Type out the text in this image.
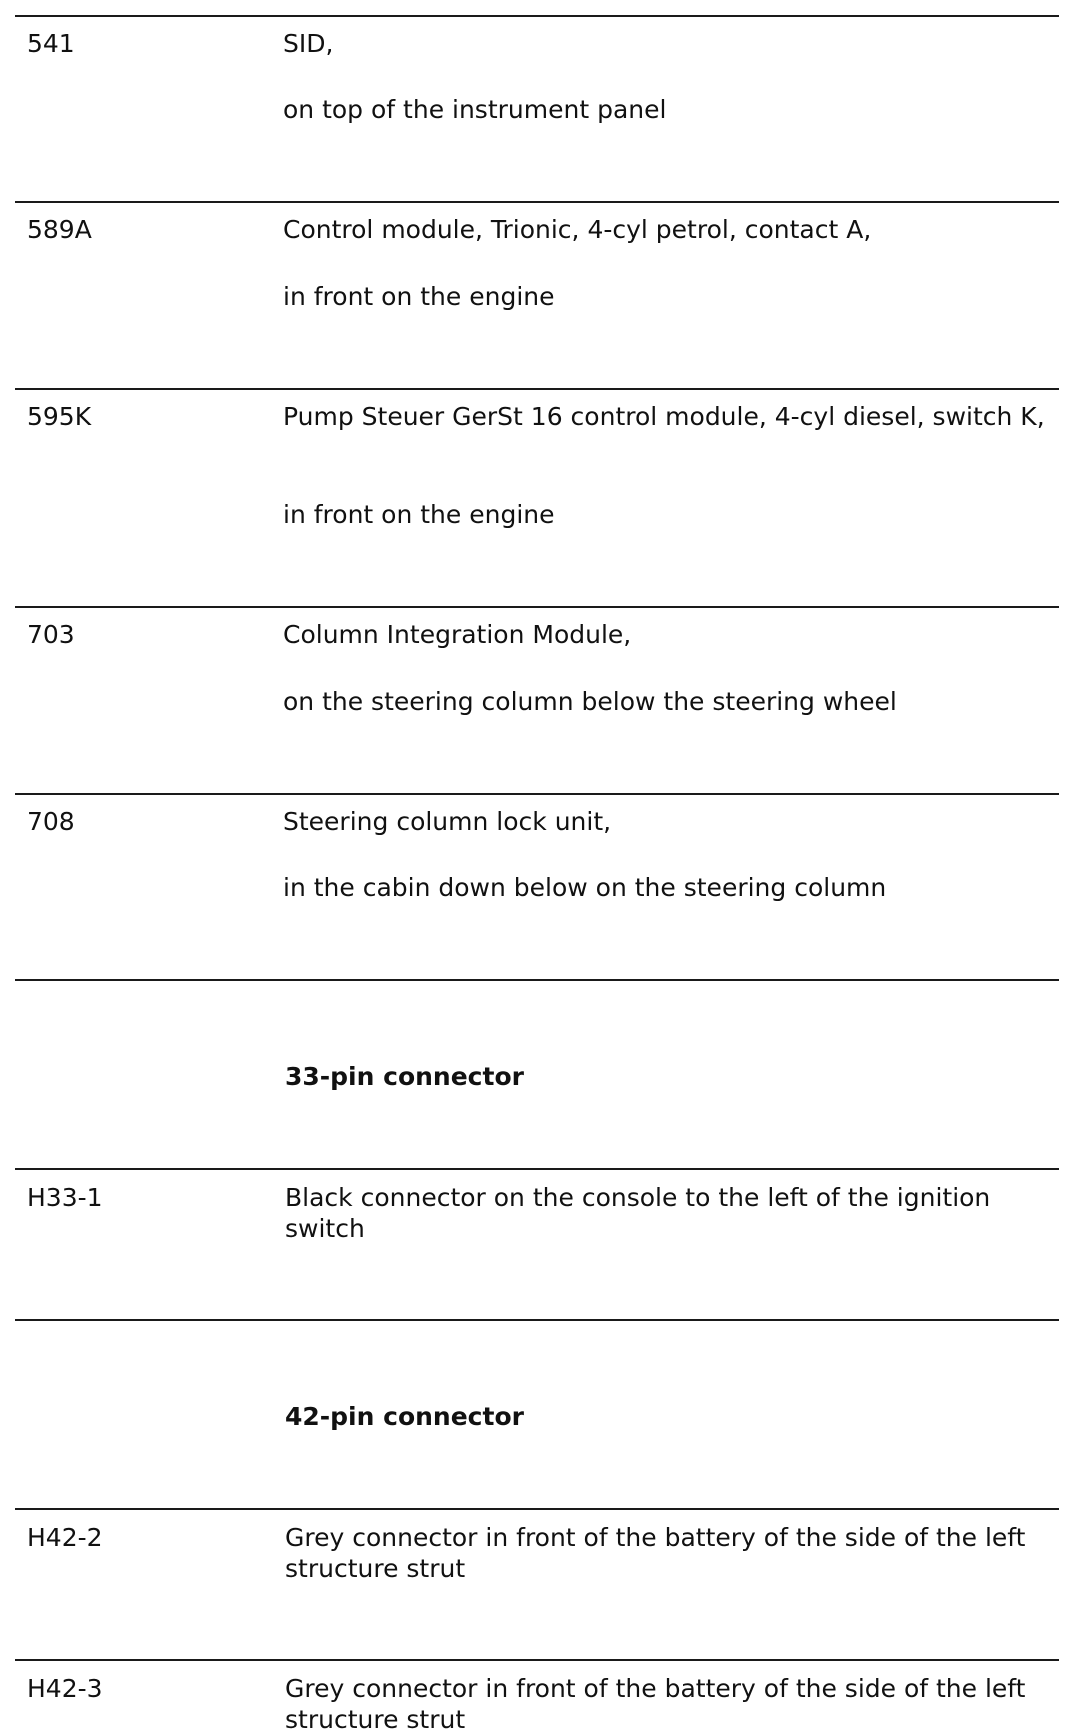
541	SID,
on top of the instrument panel
589A	Control module, Trionic, 4-cyl petrol, contact A,
in front on the engine
595K	Pump Steuer GerSt 16 control module, 4-cyl diesel, switch K,
in front on the engine
703	Column Integration Module,
on the steering column below the steering wheel
708	Steering column lock unit,
in the cabin down below on the steering column
33-pin connector
H33-1	Black connector on the console to the left of the ignition switch
42-pin connector
H42-2	Grey connector in front of the battery of the side of the left structure strut
H42-3	Grey connector in front of the battery of the side of the left structure strut
